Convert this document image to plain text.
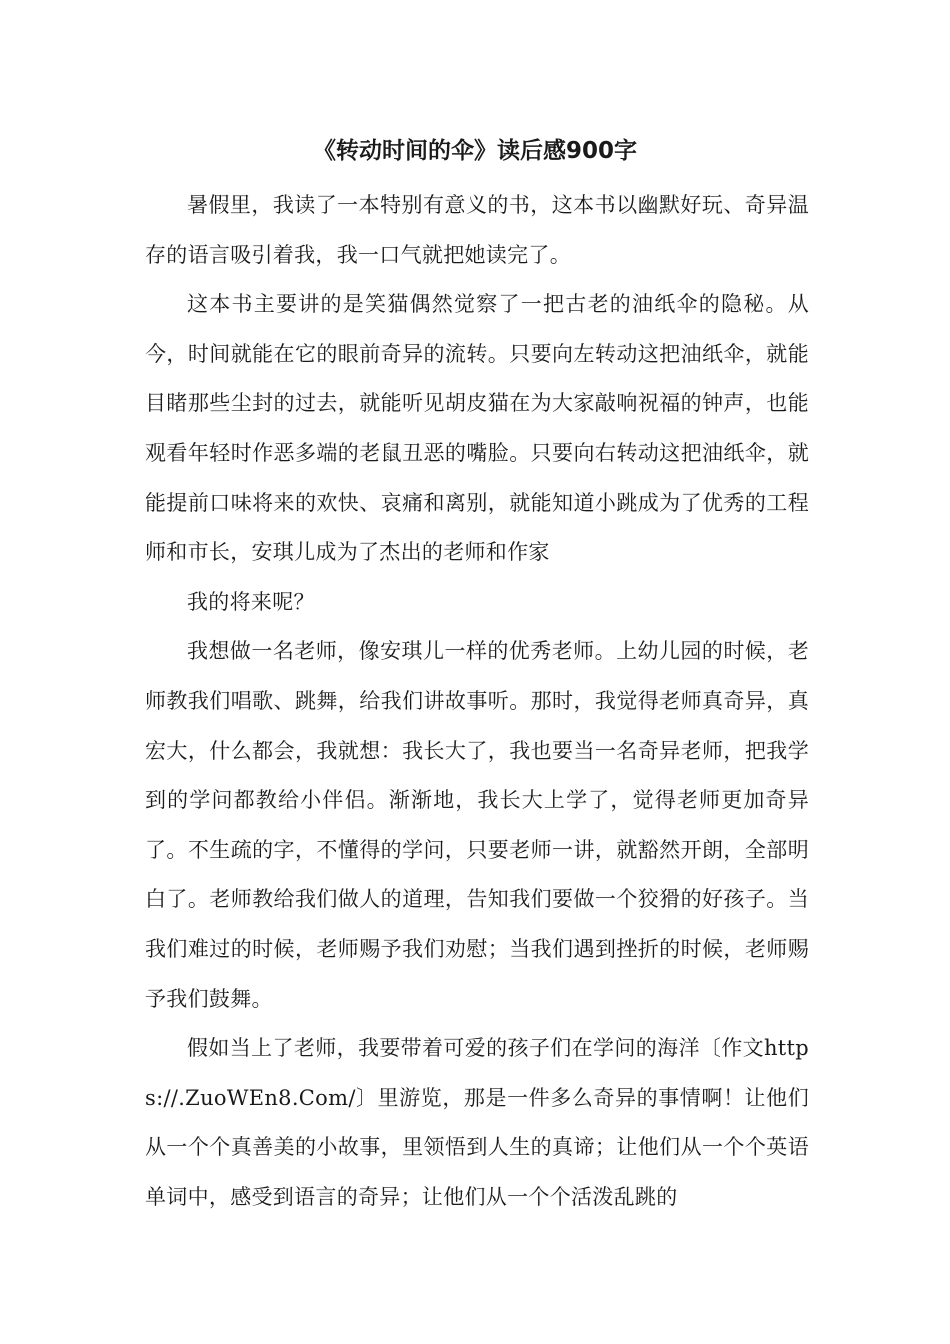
《转动时间的伞》读后感900字

暑假里，我读了一本特别有意义的书，这本书以幽默好玩、奇异温存的语言吸引着我，我一口气就把她读完了。

这本书主要讲的是笑猫偶然觉察了一把古老的油纸伞的隐秘。从今，时间就能在它的眼前奇异的流转。只要向左转动这把油纸伞，就能目睹那些尘封的过去，就能听见胡皮猫在为大家敲响祝福的钟声，也能观看年轻时作恶多端的老鼠丑恶的嘴脸。只要向右转动这把油纸伞，就能提前口味将来的欢快、哀痛和离别，就能知道小跳成为了优秀的工程师和市长，安琪儿成为了杰出的老师和作家

我的将来呢？

我想做一名老师，像安琪儿一样的优秀老师。上幼儿园的时候，老师教我们唱歌、跳舞，给我们讲故事听。那时，我觉得老师真奇异，真宏大，什么都会，我就想：我长大了，我也要当一名奇异老师，把我学到的学问都教给小伴侣。渐渐地，我长大上学了，觉得老师更加奇异了。不生疏的字，不懂得的学问，只要老师一讲，就豁然开朗，全部明白了。老师教给我们做人的道理，告知我们要做一个狡猾的好孩子。当我们难过的时候，老师赐予我们劝慰；当我们遇到挫折的时候，老师赐予我们鼓舞。

假如当上了老师，我要带着可爱的孩子们在学问的海洋〔作文https://.ZuoWEn8.Com/〕里游览，那是一件多么奇异的事情啊！让他们从一个个真善美的小故事，里领悟到人生的真谛；让他们从一个个英语单词中，感受到语言的奇异；让他们从一个个活泼乱跳的
